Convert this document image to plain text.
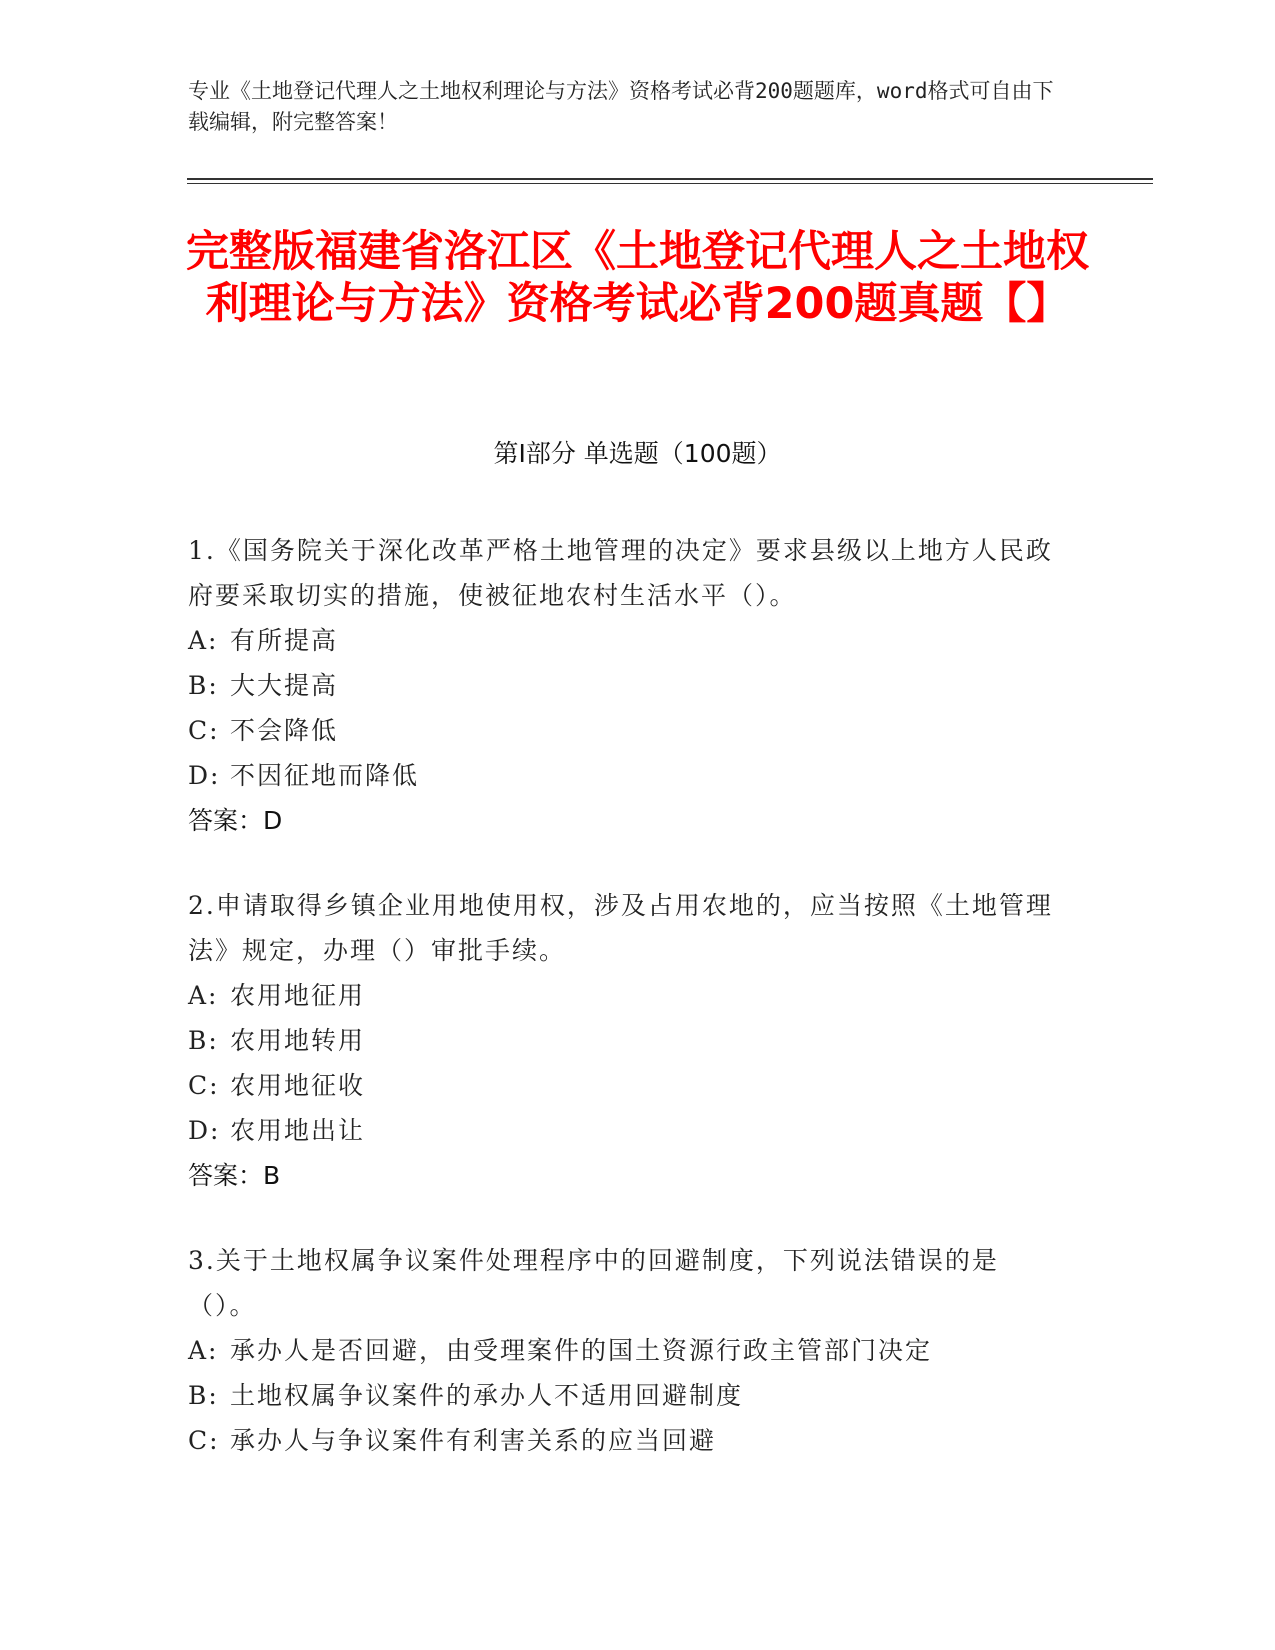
专业《土地登记代理人之土地权利理论与方法》资格考试必背200题题库，word格式可自由下载编辑，附完整答案！
完整版福建省洛江区《土地登记代理人之土地权利理论与方法》资格考试必背200题真题【】
第I部分 单选题（100题）
1.《国务院关于深化改革严格土地管理的决定》要求县级以上地方人民政府要采取切实的措施，使被征地农村生活水平（）。
A: 有所提高
B: 大大提高
C: 不会降低
D: 不因征地而降低
答案：D
2.申请取得乡镇企业用地使用权，涉及占用农地的，应当按照《土地管理法》规定，办理（）审批手续。
A: 农用地征用
B: 农用地转用
C: 农用地征收
D: 农用地出让
答案：B
3.关于土地权属争议案件处理程序中的回避制度，下列说法错误的是（）。
A: 承办人是否回避，由受理案件的国土资源行政主管部门决定
B: 土地权属争议案件的承办人不适用回避制度
C: 承办人与争议案件有利害关系的应当回避
